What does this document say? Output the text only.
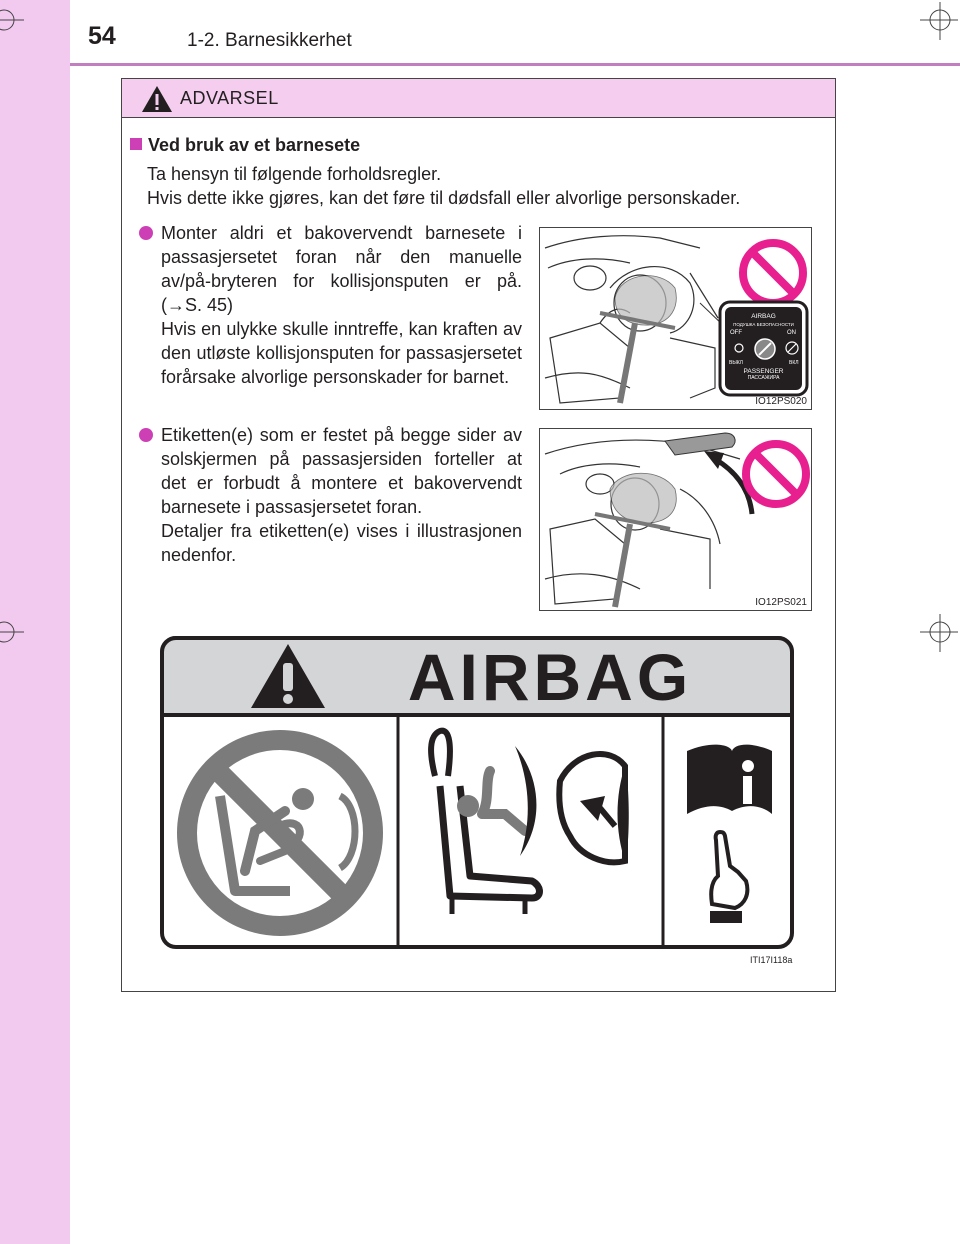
54	1-2. Barnesikkerhet
ADVARSEL
Ved bruk av et barnesete
Ta hensyn til følgende forholdsregler.
Hvis dette ikke gjøres, kan det føre til dødsfall eller alvorlige personskader.

Monter aldri et bakovervendt barnesete i passasjersetet foran når den manuelle av/på-bryteren for kollisjonsputen er på. (→S. 45)

Hvis en ulykke skulle inntreffe, kan kraften av den utløste kollisjonsputen for passasjersetet forårsake alvorlige personskader for barnet.

AIRBAG
ПОДУШКА БЕЗОПАСНОСТИ
OFF	ON
ВЫКЛ	ВКЛ
PASSENGER
ПАССАЖИРА
IO12PS020

Etiketten(e) som er festet på begge sider av solskjermen på passasjersiden forteller at det er forbudt å montere et bakovervendt barnesete i passasjersetet foran.

Detaljer fra etiketten(e) vises i illustrasjonen nedenfor.

IO12PS021
AIRBAG
ITI17I118a
